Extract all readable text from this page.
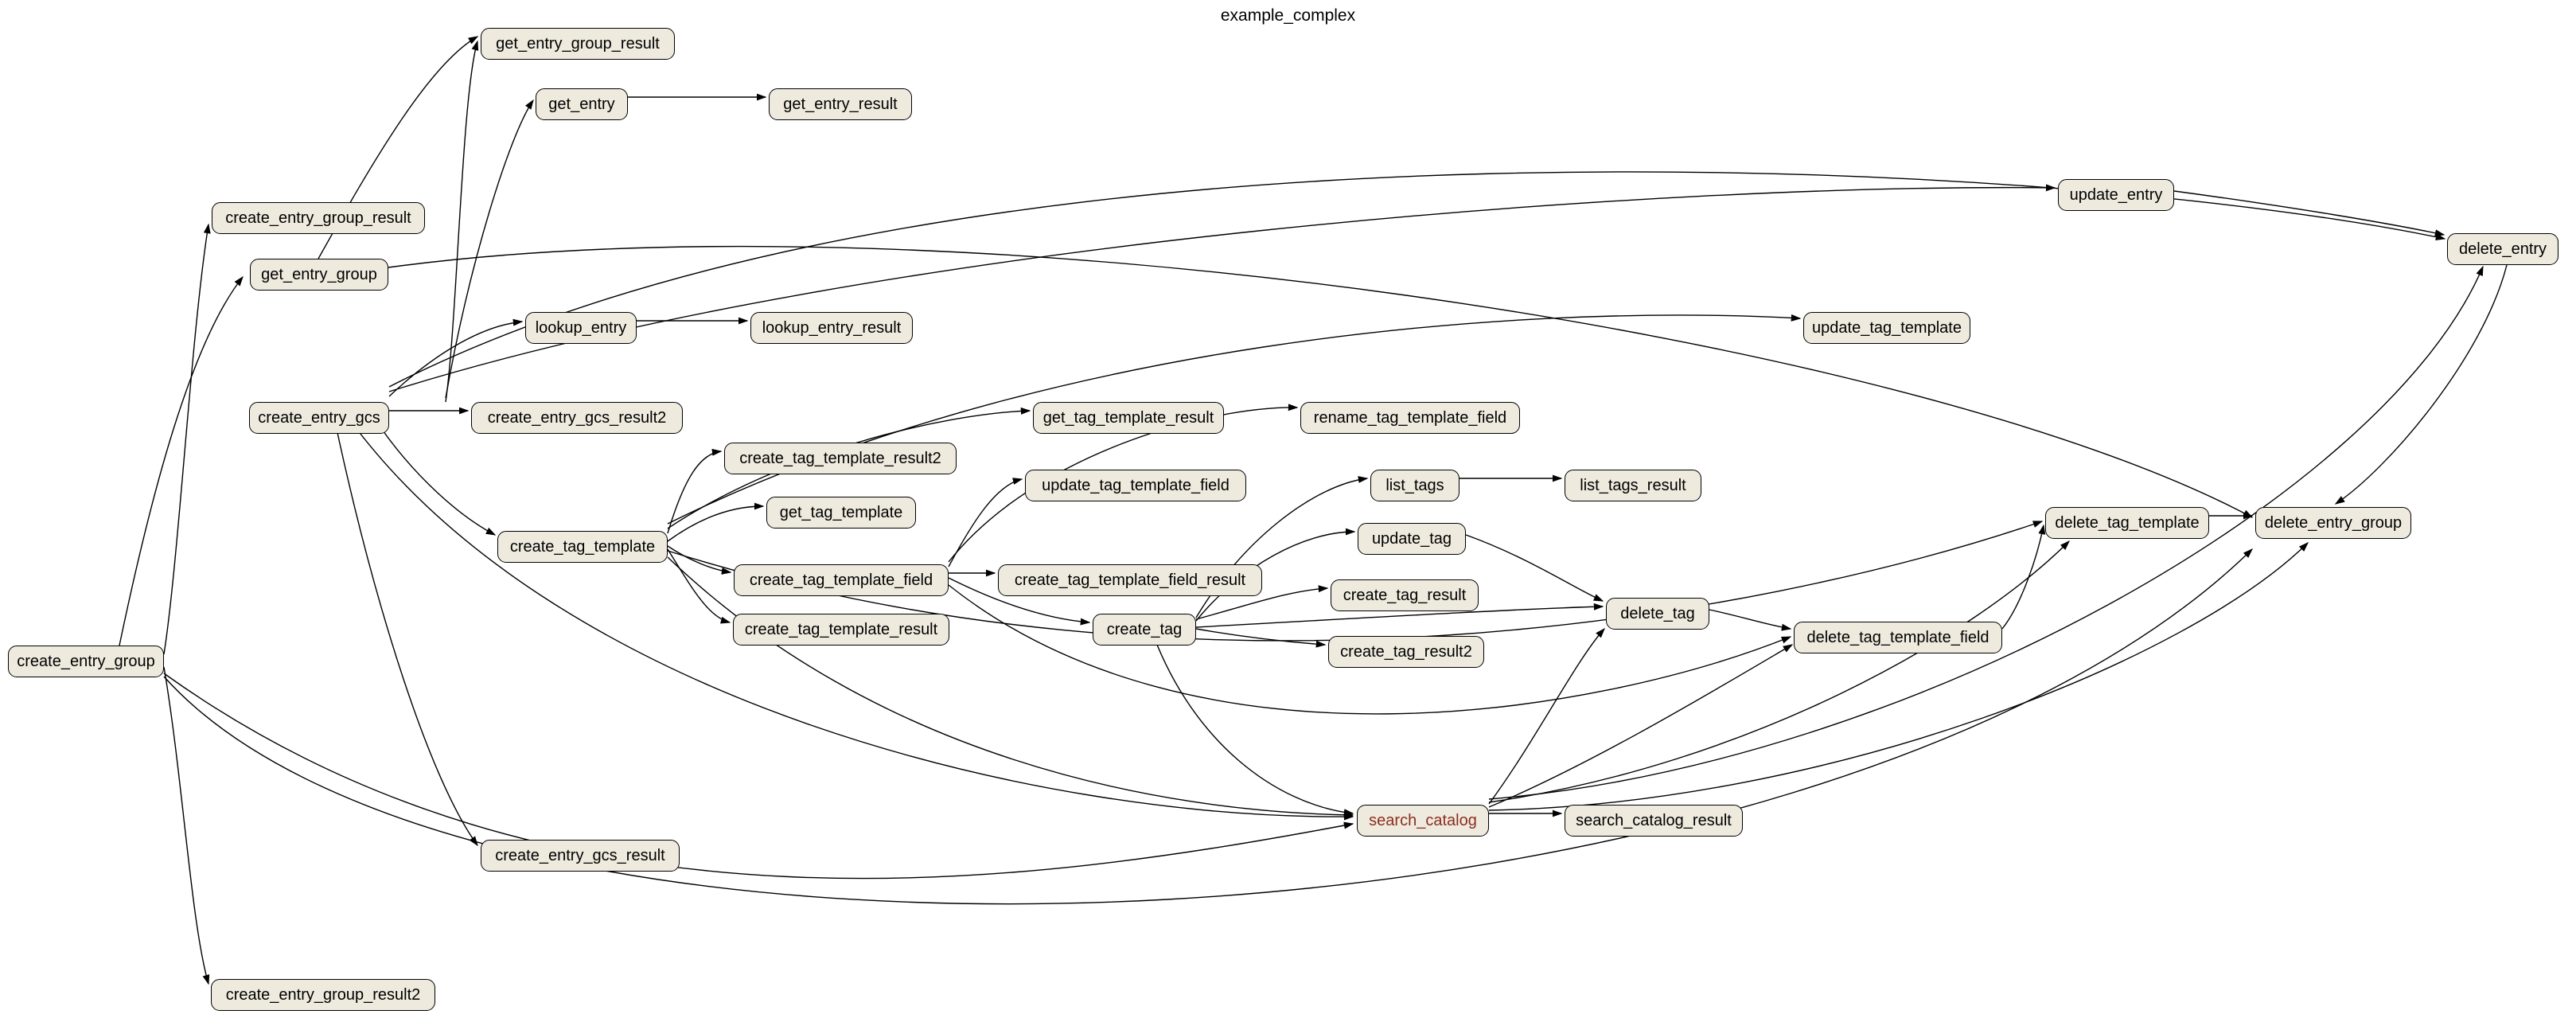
example_complex
get_entry_group_result
get_entry	get_entry_result
create_entry_group_result
update_entry
delete_entry
get_entry_group
lookup_entry	lookup_entry_result	update_tag_template
create_entry_gcs	create_entry_gcs_result2	get_tag_template_result	rename_tag_template_field
create_tag_template_result2
update_tag_template_field	list_tags	list_tags_result
get_tag_template
delete_tag_template	delete_entry_group
create_tag_template	update_tag
create_tag_template_field	create_tag_template_field_result
create_tag_result
delete_tag
delete_tag_template_field
create_tag_template_result	create_tag
create_tag_result2
create_entry_group
search_catalog	search_catalog_result
create_entry_gcs_result
create_entry_group_result2
